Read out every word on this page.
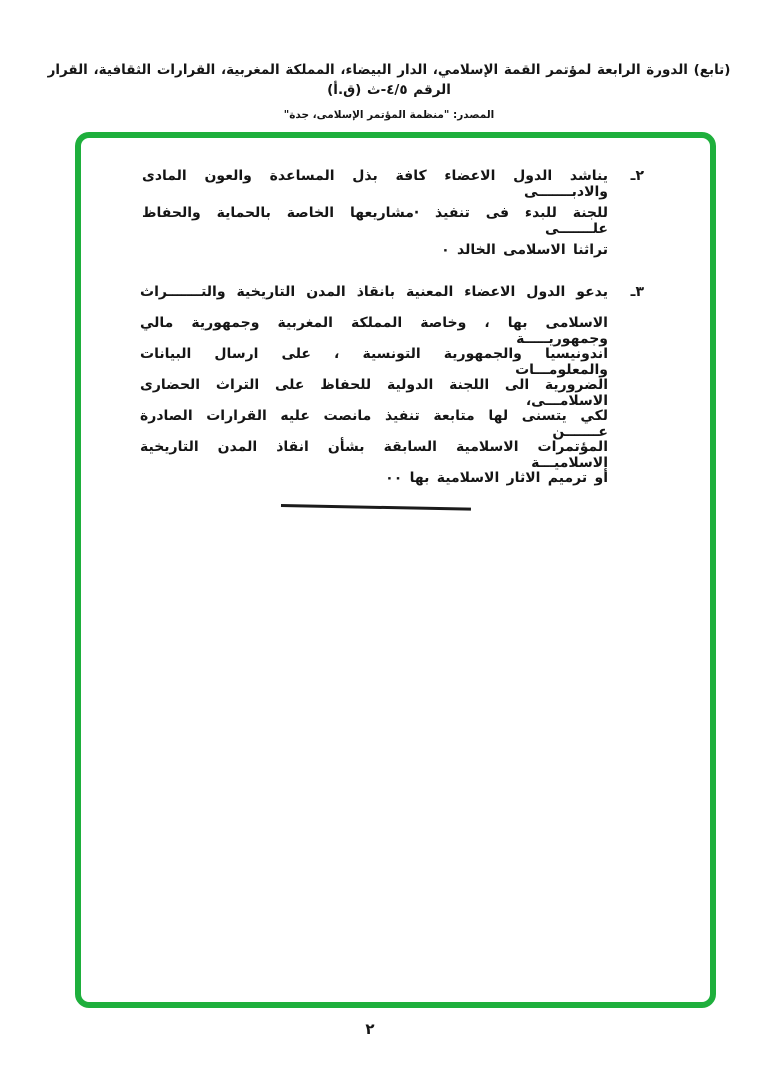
(تابع) الدورة الرابعة لمؤتمر القمة الإسلامي، الدار البيضاء، المملكة المغربية، القرارات الثقافية، القرار الرقم ٤/٥-ث (ق.أ)
المصدر: "منظمة المؤتمر الإسلامى، جدة"
٢ـ
يناشد الدول الاعضاء كافة بذل المساعدة والعون المادى والادبـــــــى
للجنة للبدء فى تنفيذ ·مشاريعها الخاصة بالحماية والحفاظ علـــــــى
تراثنا الاسلامى الخالد ٠
٣ـ
يدعو الدول الاعضاء المعنية بانقاذ المدن التاريخية والتـــــــراث
الاسلامى بها ، وخاصة المملكة المغربية وجمهورية مالي وجمهوريـــــة
اندونيسيا والجمهورية التونسية ، على ارسال البيانات والمعلومـــات
الضرورية الى اللجنة الدولية للحفاظ على التراث الحضارى الاسلامـــى،
لكي يتسنى لها متابعة تنفيذ مانصت عليه القرارات الصادرة عـــــــن
المؤتمرات الاسلامية السابقة بشأن انقاذ المدن التاريخية الاسلاميـــة
أو ترميم الاثار الاسلامية بها ٠٠
٢
